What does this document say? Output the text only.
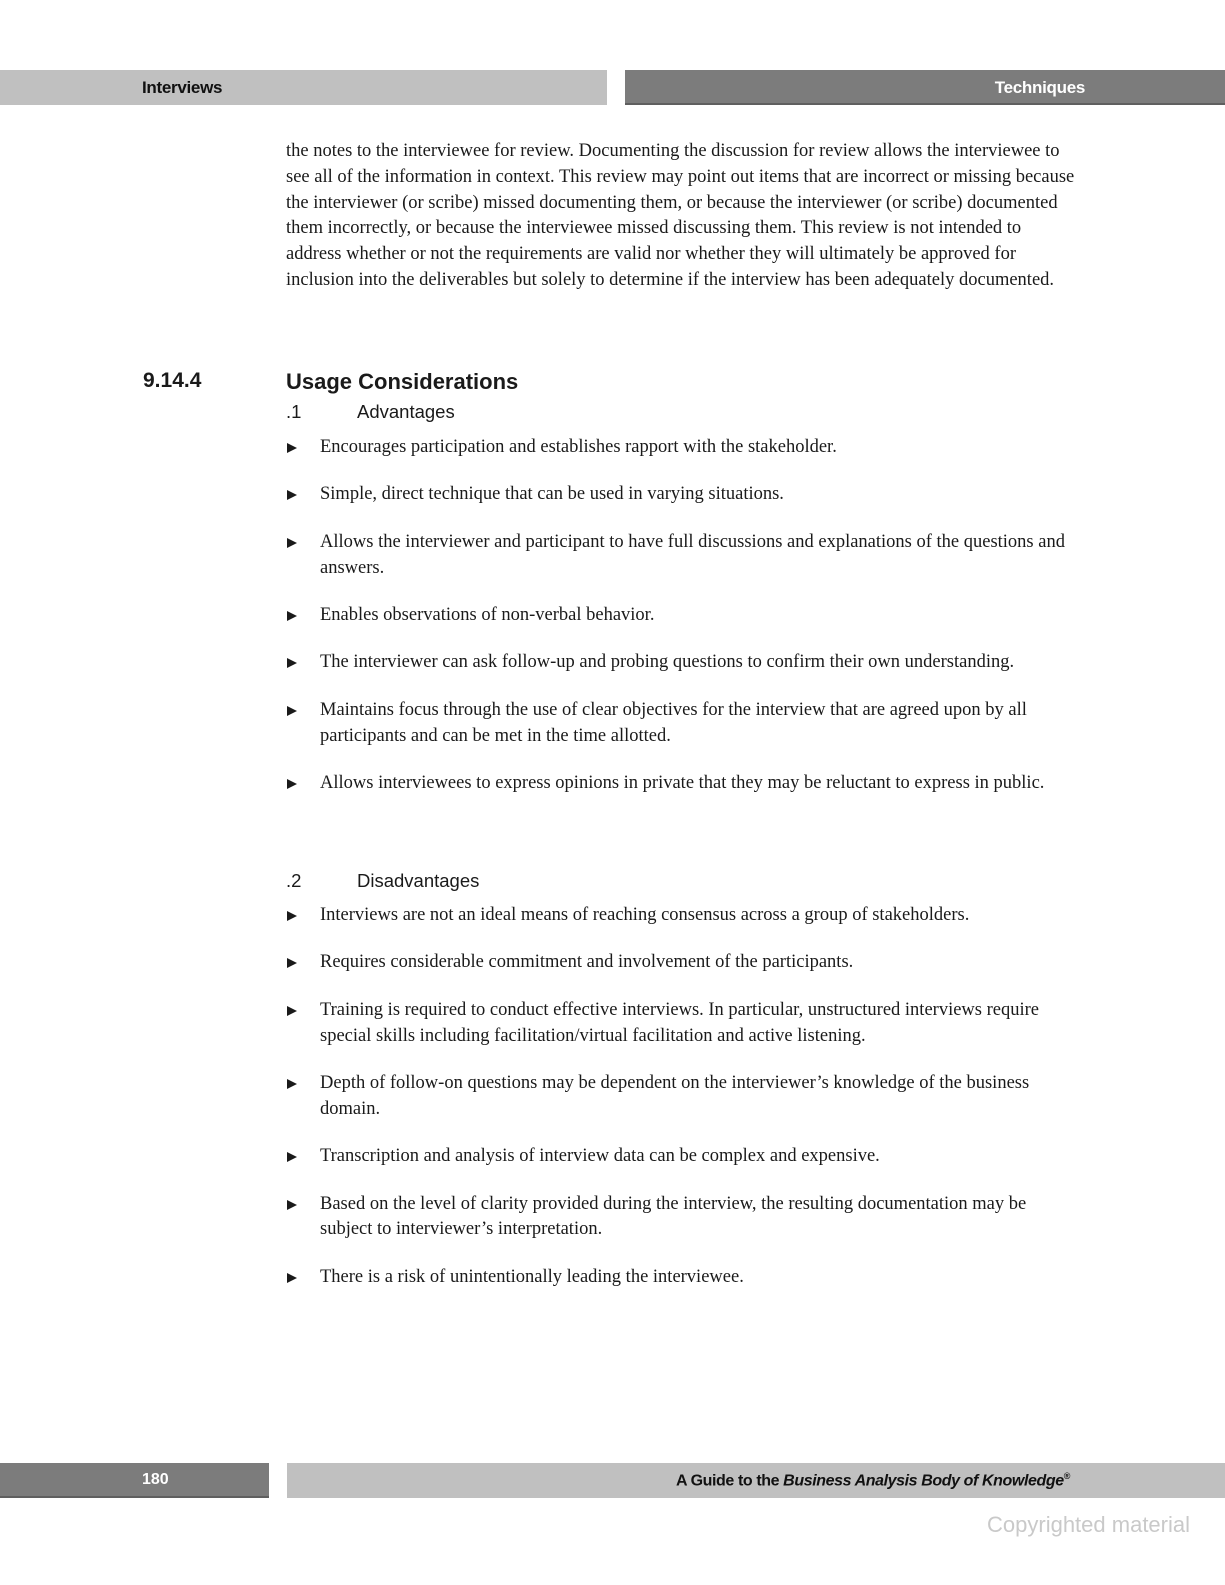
Interviews	Techniques
the notes to the interviewee for review. Documenting the discussion for review allows the interviewee to see all of the information in context. This review may point out items that are incorrect or missing because the interviewer (or scribe) missed documenting them, or because the interviewer (or scribe) documented them incorrectly, or because the interviewee missed discussing them. This review is not intended to address whether or not the requirements are valid nor whether they will ultimately be approved for inclusion into the deliverables but solely to determine if the interview has been adequately documented.
9.14.4	Usage Considerations
.1	Advantages
Encourages participation and establishes rapport with the stakeholder.
Simple, direct technique that can be used in varying situations.
Allows the interviewer and participant to have full discussions and explanations of the questions and answers.
Enables observations of non-verbal behavior.
The interviewer can ask follow-up and probing questions to confirm their own understanding.
Maintains focus through the use of clear objectives for the interview that are agreed upon by all participants and can be met in the time allotted.
Allows interviewees to express opinions in private that they may be reluctant to express in public.
.2	Disadvantages
Interviews are not an ideal means of reaching consensus across a group of stakeholders.
Requires considerable commitment and involvement of the participants.
Training is required to conduct effective interviews. In particular, unstructured interviews require special skills including facilitation/virtual facilitation and active listening.
Depth of follow-on questions may be dependent on the interviewer’s knowledge of the business domain.
Transcription and analysis of interview data can be complex and expensive.
Based on the level of clarity provided during the interview, the resulting documentation may be subject to interviewer’s interpretation.
There is a risk of unintentionally leading the interviewee.
180	A Guide to the Business Analysis Body of Knowledge®
Copyrighted material
